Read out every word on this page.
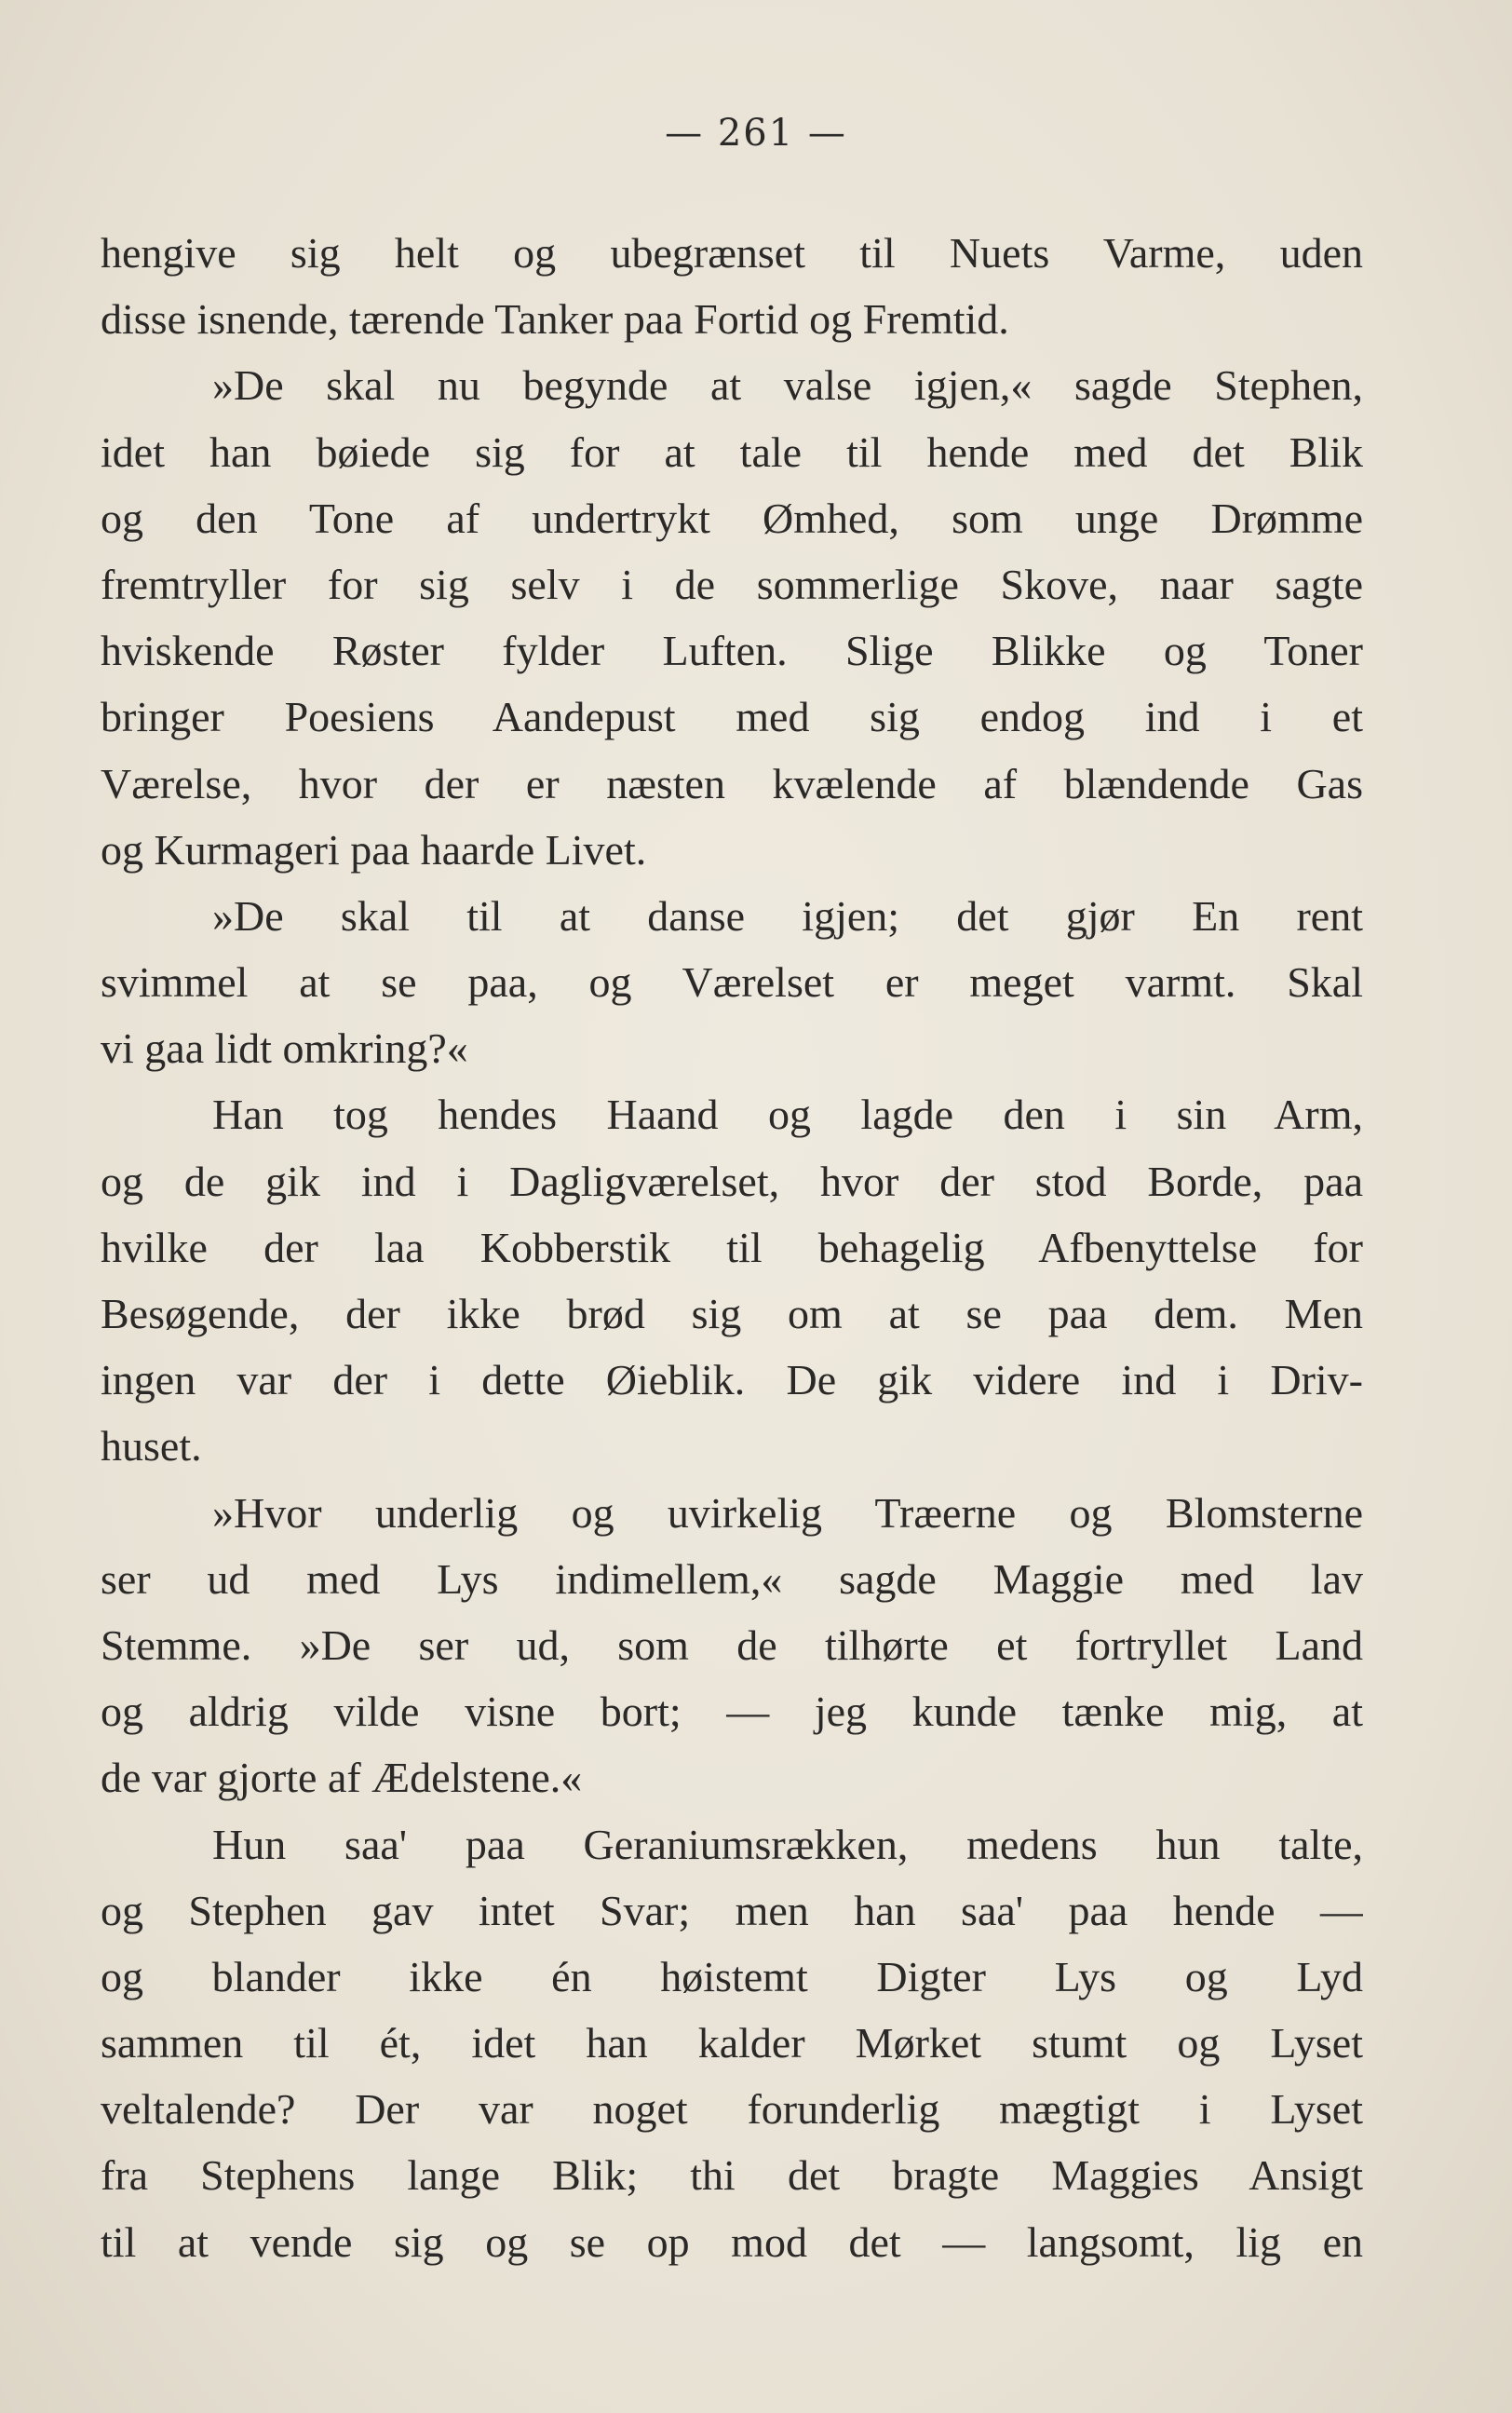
— 261 —
hengive sig helt og ubegrænset til Nuets Varme, uden
disse isnende, tærende Tanker paa Fortid og Fremtid.
»De skal nu begynde at valse igjen,« sagde Stephen,
idet han bøiede sig for at tale til hende med det Blik
og den Tone af undertrykt Ømhed, som unge Drømme
fremtryller for sig selv i de sommerlige Skove, naar sagte
hviskende Røster fylder Luften. Slige Blikke og Toner
bringer Poesiens Aandepust med sig endog ind i et
Værelse, hvor der er næsten kvælende af blændende Gas
og Kurmageri paa haarde Livet.
»De skal til at danse igjen; det gjør En rent
svimmel at se paa, og Værelset er meget varmt. Skal
vi gaa lidt omkring?«
Han tog hendes Haand og lagde den i sin Arm,
og de gik ind i Dagligværelset, hvor der stod Borde, paa
hvilke der laa Kobberstik til behagelig Afbenyttelse for
Besøgende, der ikke brød sig om at se paa dem. Men
ingen var der i dette Øieblik. De gik videre ind i Driv-
huset.
»Hvor underlig og uvirkelig Træerne og Blomsterne
ser ud med Lys indimellem,« sagde Maggie med lav
Stemme. »De ser ud, som de tilhørte et fortryllet Land
og aldrig vilde visne bort; — jeg kunde tænke mig, at
de var gjorte af Ædelstene.«
Hun saa' paa Geraniumsrækken, medens hun talte,
og Stephen gav intet Svar; men han saa' paa hende —
og blander ikke én høistemt Digter Lys og Lyd
sammen til ét, idet han kalder Mørket stumt og Lyset
veltalende? Der var noget forunderlig mægtigt i Lyset
fra Stephens lange Blik; thi det bragte Maggies Ansigt
til at vende sig og se op mod det — langsomt, lig en
